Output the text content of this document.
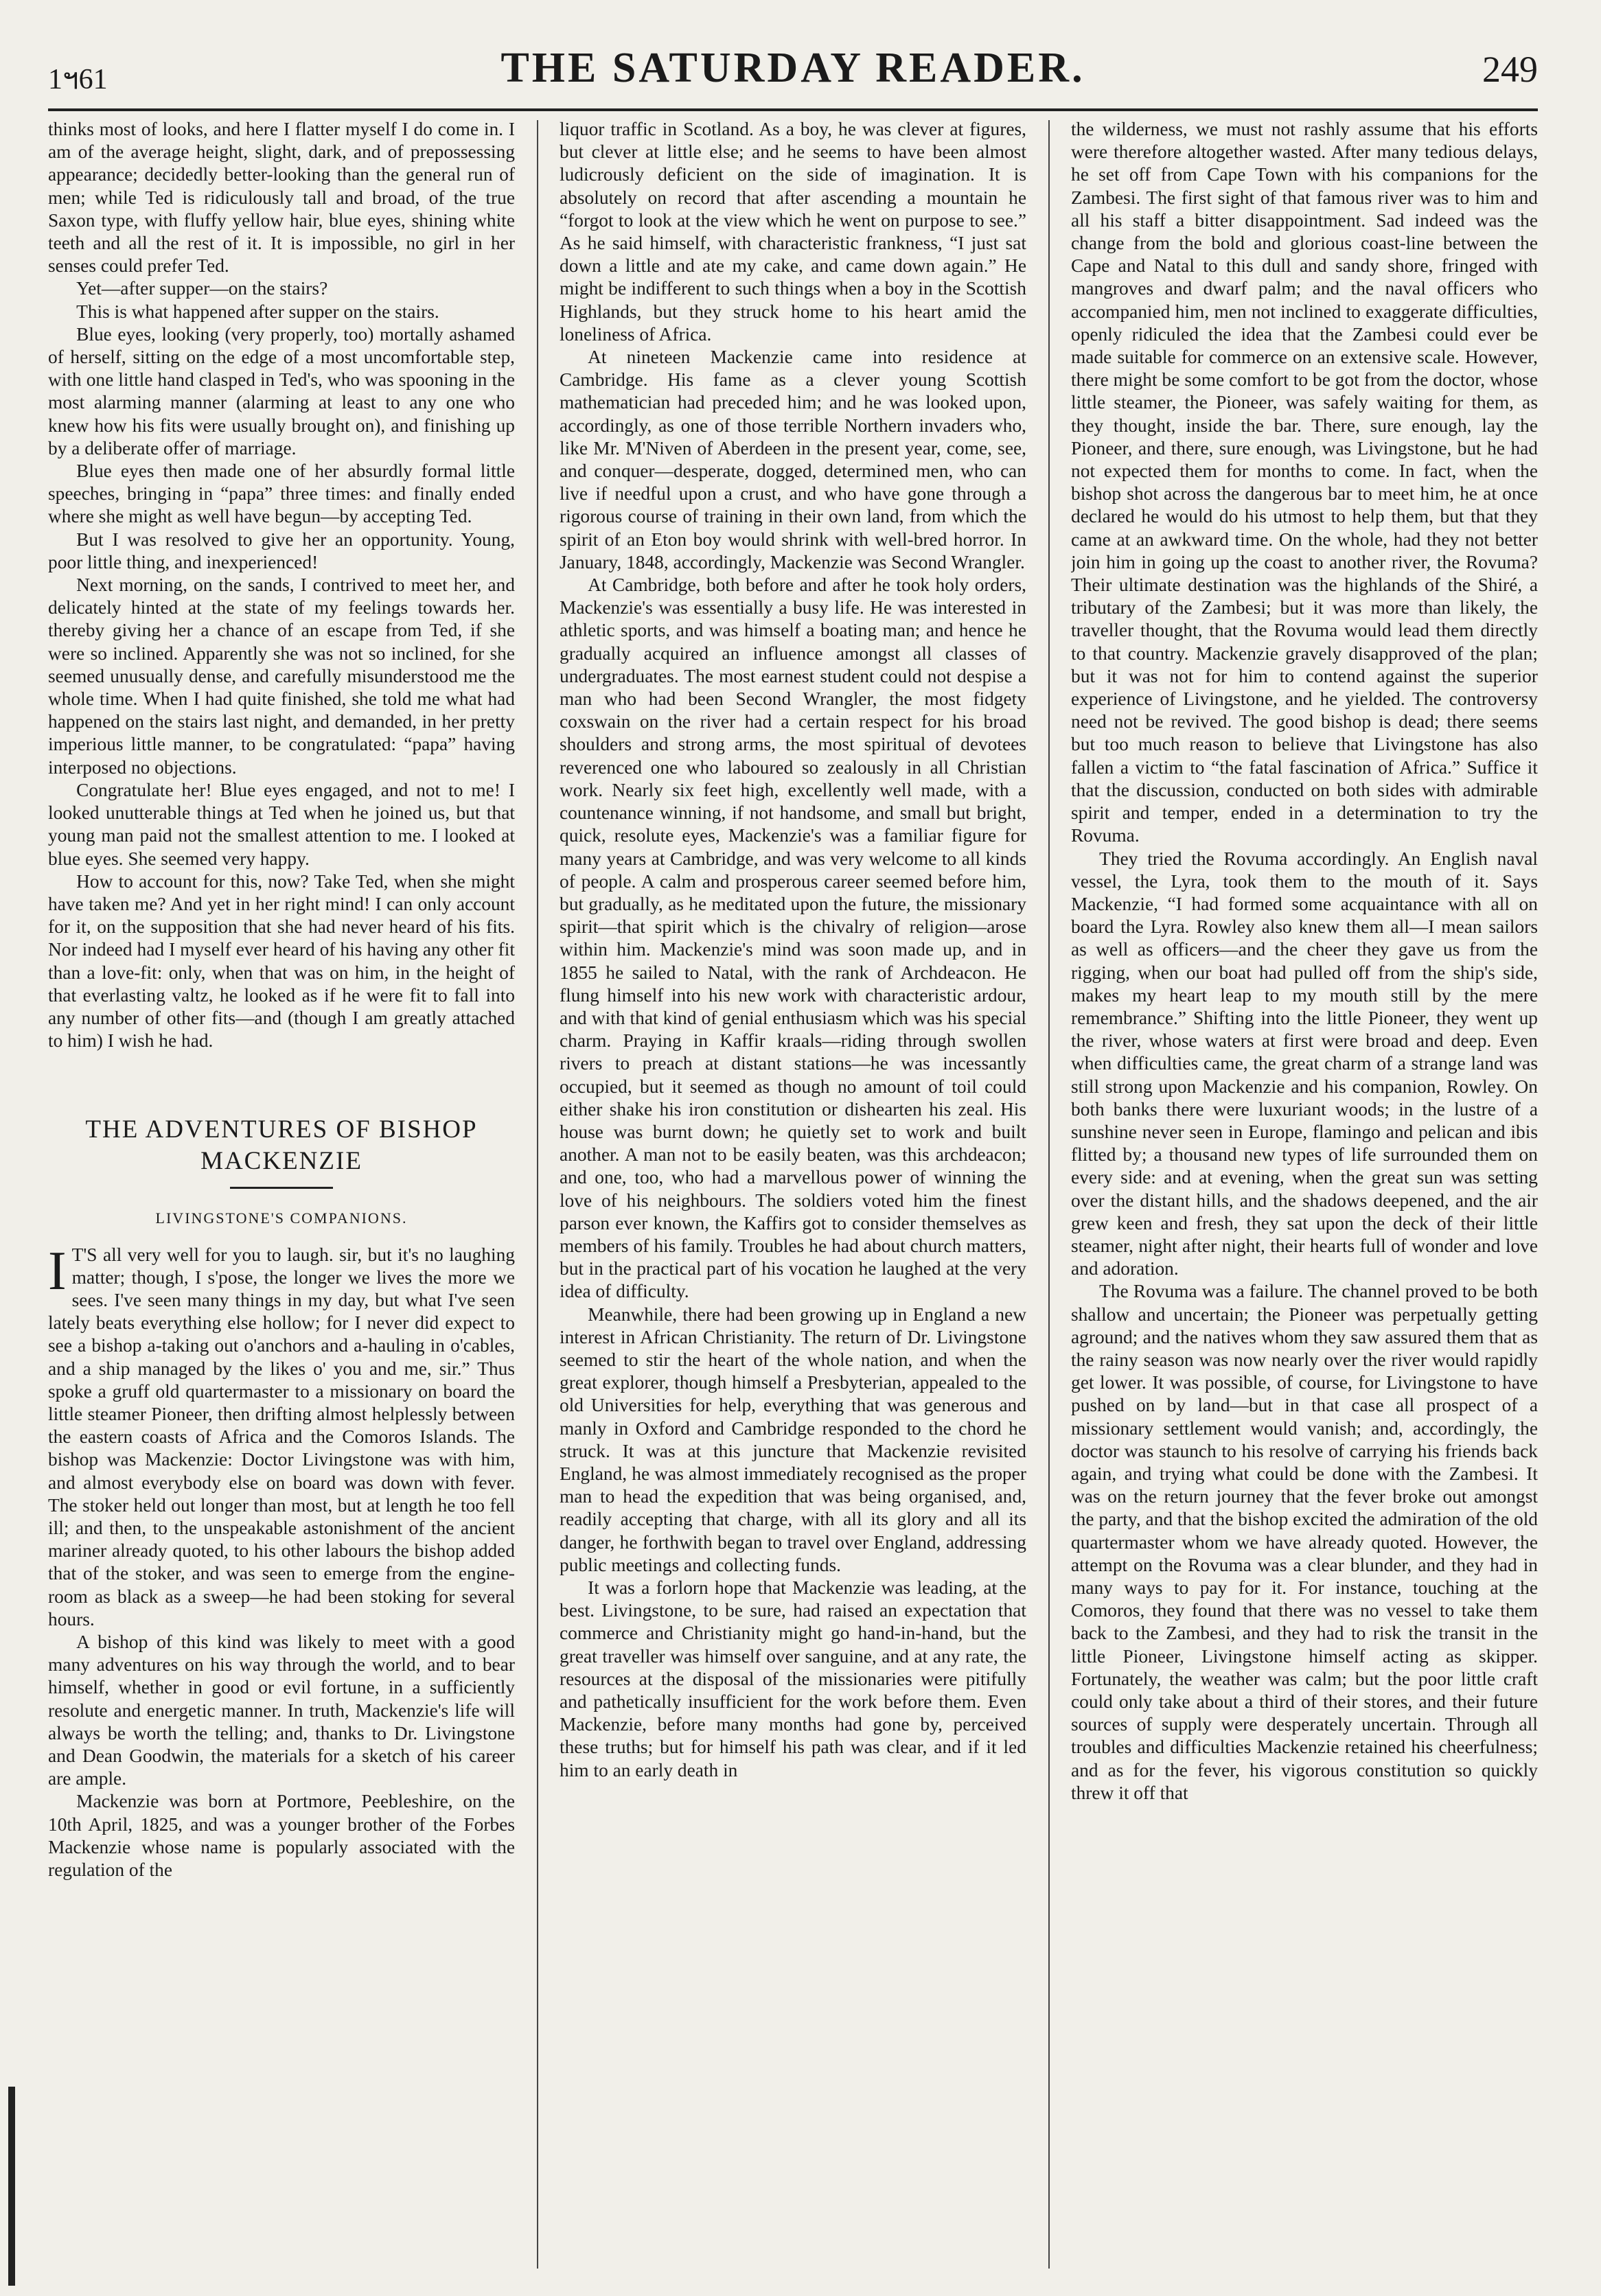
1ฯ61	THE SATURDAY READER.	249

thinks most of looks, and here I flatter myself I do come in. I am of the average height, slight, dark, and of prepossessing appearance; decidedly better-looking than the general run of men; while Ted is ridiculously tall and broad, of the true Saxon type, with fluffy yellow hair, blue eyes, shining white teeth and all the rest of it. It is impossible, no girl in her senses could prefer Ted.

Yet—after supper—on the stairs?

This is what happened after supper on the stairs.

Blue eyes, looking (very properly, too) mortally ashamed of herself, sitting on the edge of a most uncomfortable step, with one little hand clasped in Ted's, who was spooning in the most alarming manner (alarming at least to any one who knew how his fits were usually brought on), and finishing up by a deliberate offer of marriage.

Blue eyes then made one of her absurdly formal little speeches, bringing in “papa” three times: and finally ended where she might as well have begun—by accepting Ted.

But I was resolved to give her an opportunity. Young, poor little thing, and inexperienced!

Next morning, on the sands, I contrived to meet her, and delicately hinted at the state of my feelings towards her. thereby giving her a chance of an escape from Ted, if she were so inclined. Apparently she was not so inclined, for she seemed unusually dense, and carefully misunderstood me the whole time. When I had quite finished, she told me what had happened on the stairs last night, and demanded, in her pretty imperious little manner, to be congratulated: “papa” having interposed no objections.

Congratulate her! Blue eyes engaged, and not to me! I looked unutterable things at Ted when he joined us, but that young man paid not the smallest attention to me. I looked at blue eyes. She seemed very happy.

How to account for this, now? Take Ted, when she might have taken me? And yet in her right mind! I can only account for it, on the supposition that she had never heard of his fits. Nor indeed had I myself ever heard of his having any other fit than a love-fit: only, when that was on him, in the height of that everlasting valtz, he looked as if he were fit to fall into any number of other fits—and (though I am greatly attached to him) I wish he had.

THE ADVENTURES OF BISHOP MACKENZIE
LIVINGSTONE'S COMPANIONS.

I T'S all very well for you to laugh. sir, but it's no laughing matter; though, I s'pose, the longer we lives the more we sees. I've seen many things in my day, but what I've seen lately beats everything else hollow; for I never did expect to see a bishop a-taking out o'anchors and a-hauling in o'cables, and a ship managed by the likes o' you and me, sir.” Thus spoke a gruff old quartermaster to a missionary on board the little steamer Pioneer, then drifting almost helplessly between the eastern coasts of Africa and the Comoros Islands. The bishop was Mackenzie: Doctor Livingstone was with him, and almost everybody else on board was down with fever. The stoker held out longer than most, but at length he too fell ill; and then, to the unspeakable astonishment of the ancient mariner already quoted, to his other labours the bishop added that of the stoker, and was seen to emerge from the engine-room as black as a sweep—he had been stoking for several hours.

A bishop of this kind was likely to meet with a good many adventures on his way through the world, and to bear himself, whether in good or evil fortune, in a sufficiently resolute and energetic manner. In truth, Mackenzie's life will always be worth the telling; and, thanks to Dr. Livingstone and Dean Goodwin, the materials for a sketch of his career are ample.

Mackenzie was born at Portmore, Peebleshire, on the 10th April, 1825, and was a younger brother of the Forbes Mackenzie whose name is popularly associated with the regulation of the

liquor traffic in Scotland. As a boy, he was clever at figures, but clever at little else; and he seems to have been almost ludicrously deficient on the side of imagination. It is absolutely on record that after ascending a mountain he “forgot to look at the view which he went on purpose to see.” As he said himself, with characteristic frankness, “I just sat down a little and ate my cake, and came down again.” He might be indifferent to such things when a boy in the Scottish Highlands, but they struck home to his heart amid the loneliness of Africa.

At nineteen Mackenzie came into residence at Cambridge. His fame as a clever young Scottish mathematician had preceded him; and he was looked upon, accordingly, as one of those terrible Northern invaders who, like Mr. M'Niven of Aberdeen in the present year, come, see, and conquer—desperate, dogged, determined men, who can live if needful upon a crust, and who have gone through a rigorous course of training in their own land, from which the spirit of an Eton boy would shrink with well-bred horror. In January, 1848, accordingly, Mackenzie was Second Wrangler.

At Cambridge, both before and after he took holy orders, Mackenzie's was essentially a busy life. He was interested in athletic sports, and was himself a boating man; and hence he gradually acquired an influence amongst all classes of undergraduates. The most earnest student could not despise a man who had been Second Wrangler, the most fidgety coxswain on the river had a certain respect for his broad shoulders and strong arms, the most spiritual of devotees reverenced one who laboured so zealously in all Christian work. Nearly six feet high, excellently well made, with a countenance winning, if not handsome, and small but bright, quick, resolute eyes, Mackenzie's was a familiar figure for many years at Cambridge, and was very welcome to all kinds of people. A calm and prosperous career seemed before him, but gradually, as he meditated upon the future, the missionary spirit—that spirit which is the chivalry of religion—arose within him. Mackenzie's mind was soon made up, and in 1855 he sailed to Natal, with the rank of Archdeacon. He flung himself into his new work with characteristic ardour, and with that kind of genial enthusiasm which was his special charm. Praying in Kaffir kraals—riding through swollen rivers to preach at distant stations—he was incessantly occupied, but it seemed as though no amount of toil could either shake his iron constitution or dishearten his zeal. His house was burnt down; he quietly set to work and built another. A man not to be easily beaten, was this archdeacon; and one, too, who had a marvellous power of winning the love of his neighbours. The soldiers voted him the finest parson ever known, the Kaffirs got to consider themselves as members of his family. Troubles he had about church matters, but in the practical part of his vocation he laughed at the very idea of difficulty.

Meanwhile, there had been growing up in England a new interest in African Christianity. The return of Dr. Livingstone seemed to stir the heart of the whole nation, and when the great explorer, though himself a Presbyterian, appealed to the old Universities for help, everything that was generous and manly in Oxford and Cambridge responded to the chord he struck. It was at this juncture that Mackenzie revisited England, he was almost immediately recognised as the proper man to head the expedition that was being organised, and, readily accepting that charge, with all its glory and all its danger, he forthwith began to travel over England, addressing public meetings and collecting funds.

It was a forlorn hope that Mackenzie was leading, at the best. Livingstone, to be sure, had raised an expectation that commerce and Christianity might go hand-in-hand, but the great traveller was himself over sanguine, and at any rate, the resources at the disposal of the missionaries were pitifully and pathetically insufficient for the work before them. Even Mackenzie, before many months had gone by, perceived these truths; but for himself his path was clear, and if it led him to an early death in

the wilderness, we must not rashly assume that his efforts were therefore altogether wasted. After many tedious delays, he set off from Cape Town with his companions for the Zambesi. The first sight of that famous river was to him and all his staff a bitter disappointment. Sad indeed was the change from the bold and glorious coast-line between the Cape and Natal to this dull and sandy shore, fringed with mangroves and dwarf palm; and the naval officers who accompanied him, men not inclined to exaggerate difficulties, openly ridiculed the idea that the Zambesi could ever be made suitable for commerce on an extensive scale. However, there might be some comfort to be got from the doctor, whose little steamer, the Pioneer, was safely waiting for them, as they thought, inside the bar. There, sure enough, lay the Pioneer, and there, sure enough, was Livingstone, but he had not expected them for months to come. In fact, when the bishop shot across the dangerous bar to meet him, he at once declared he would do his utmost to help them, but that they came at an awkward time. On the whole, had they not better join him in going up the coast to another river, the Rovuma? Their ultimate destination was the highlands of the Shiré, a tributary of the Zambesi; but it was more than likely, the traveller thought, that the Rovuma would lead them directly to that country. Mackenzie gravely disapproved of the plan; but it was not for him to contend against the superior experience of Livingstone, and he yielded. The controversy need not be revived. The good bishop is dead; there seems but too much reason to believe that Livingstone has also fallen a victim to “the fatal fascination of Africa.” Suffice it that the discussion, conducted on both sides with admirable spirit and temper, ended in a determination to try the Rovuma.

They tried the Rovuma accordingly. An English naval vessel, the Lyra, took them to the mouth of it. Says Mackenzie, “I had formed some acquaintance with all on board the Lyra. Rowley also knew them all—I mean sailors as well as officers—and the cheer they gave us from the rigging, when our boat had pulled off from the ship's side, makes my heart leap to my mouth still by the mere remembrance.” Shifting into the little Pioneer, they went up the river, whose waters at first were broad and deep. Even when difficulties came, the great charm of a strange land was still strong upon Mackenzie and his companion, Rowley. On both banks there were luxuriant woods; in the lustre of a sunshine never seen in Europe, flamingo and pelican and ibis flitted by; a thousand new types of life surrounded them on every side: and at evening, when the great sun was setting over the distant hills, and the shadows deepened, and the air grew keen and fresh, they sat upon the deck of their little steamer, night after night, their hearts full of wonder and love and adoration.

The Rovuma was a failure. The channel proved to be both shallow and uncertain; the Pioneer was perpetually getting aground; and the natives whom they saw assured them that as the rainy season was now nearly over the river would rapidly get lower. It was possible, of course, for Livingstone to have pushed on by land—but in that case all prospect of a missionary settlement would vanish; and, accordingly, the doctor was staunch to his resolve of carrying his friends back again, and trying what could be done with the Zambesi. It was on the return journey that the fever broke out amongst the party, and that the bishop excited the admiration of the old quartermaster whom we have already quoted. However, the attempt on the Rovuma was a clear blunder, and they had in many ways to pay for it. For instance, touching at the Comoros, they found that there was no vessel to take them back to the Zambesi, and they had to risk the transit in the little Pioneer, Livingstone himself acting as skipper. Fortunately, the weather was calm; but the poor little craft could only take about a third of their stores, and their future sources of supply were desperately uncertain. Through all troubles and difficulties Mackenzie retained his cheerfulness; and as for the fever, his vigorous constitution so quickly threw it off that
